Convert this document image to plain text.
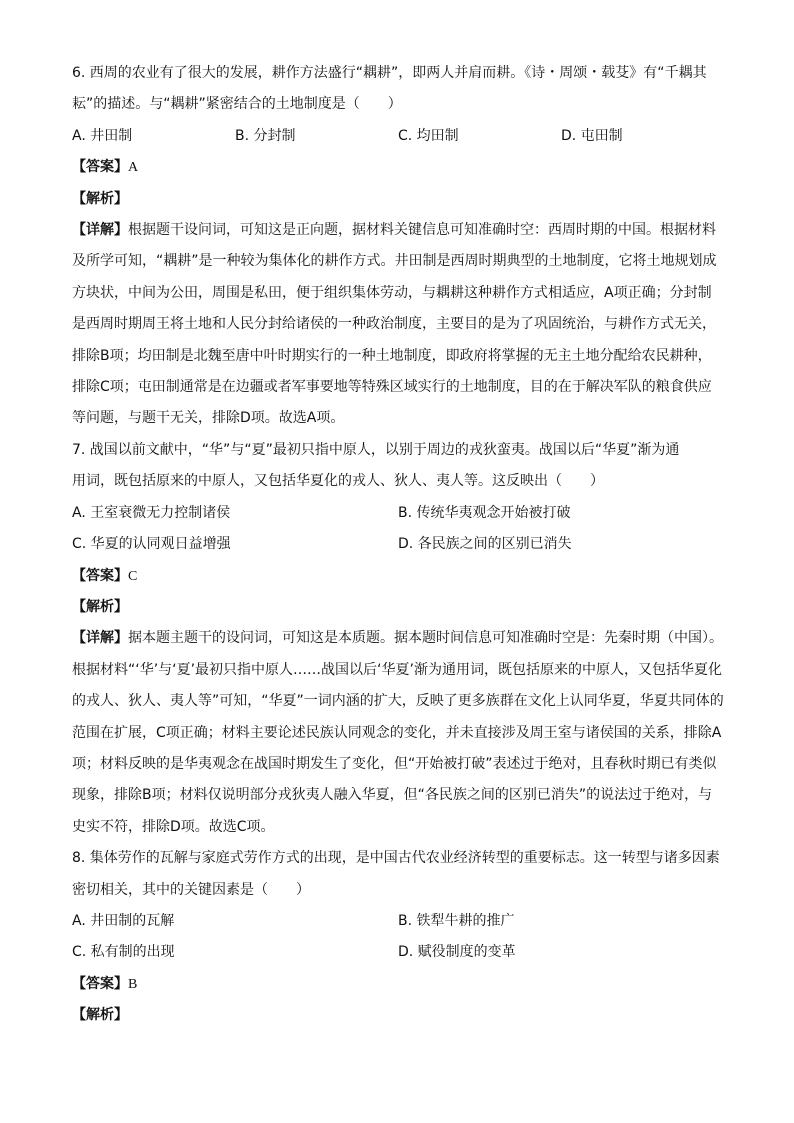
6. 西周的农业有了很大的发展，耕作方法盛行“耦耕”，即两人并肩而耕。《诗・周颂・载芟》有“千耦其
耘”的描述。与“耦耕”紧密结合的土地制度是（　　）
A. 井田制	B. 分封制	C. 均田制	D. 屯田制
【答案】A
【解析】
【详解】根据题干设问词，可知这是正向题，据材料关键信息可知准确时空：西周时期的中国。根据材料及所学可知，“耦耕”是一种较为集体化的耕作方式。井田制是西周时期典型的土地制度，它将土地规划成方块状，中间为公田，周围是私田，便于组织集体劳动，与耦耕这种耕作方式相适应，A项正确；分封制是西周时期周王将土地和人民分封给诸侯的一种政治制度，主要目的是为了巩固统治，与耕作方式无关，排除B项；均田制是北魏至唐中叶时期实行的一种土地制度，即政府将掌握的无主土地分配给农民耕种，排除C项；屯田制通常是在边疆或者军事要地等特殊区域实行的土地制度，目的在于解决军队的粮食供应等问题，与题干无关，排除D项。故选A项。
7. 战国以前文献中，“华”与“夏”最初只指中原人，以别于周边的戎狄蛮夷。战国以后“华夏”渐为通
用词，既包括原来的中原人，又包括华夏化的戎人、狄人、夷人等。这反映出（　　）
A. 王室衰微无力控制诸侯	B. 传统华夷观念开始被打破
C. 华夏的认同观日益增强	D. 各民族之间的区别已消失
【答案】C
【解析】
【详解】据本题主题干的设问词，可知这是本质题。据本题时间信息可知准确时空是：先秦时期（中国）。根据材料“‘华’与‘夏’最初只指中原人……战国以后‘华夏’渐为通用词，既包括原来的中原人，又包括华夏化的戎人、狄人、夷人等”可知，“华夏”一词内涵的扩大，反映了更多族群在文化上认同华夏，华夏共同体的范围在扩展，C项正确；材料主要论述民族认同观念的变化，并未直接涉及周王室与诸侯国的关系，排除A项；材料反映的是华夷观念在战国时期发生了变化，但“开始被打破”表述过于绝对，且春秋时期已有类似现象，排除B项；材料仅说明部分戎狄夷人融入华夏，但“各民族之间的区别已消失”的说法过于绝对，与史实不符，排除D项。故选C项。
8. 集体劳作的瓦解与家庭式劳作方式的出现，是中国古代农业经济转型的重要标志。这一转型与诸多因素
密切相关，其中的关键因素是（　　）
A. 井田制的瓦解	B. 铁犁牛耕的推广
C. 私有制的出现	D. 赋役制度的变革
【答案】B
【解析】
